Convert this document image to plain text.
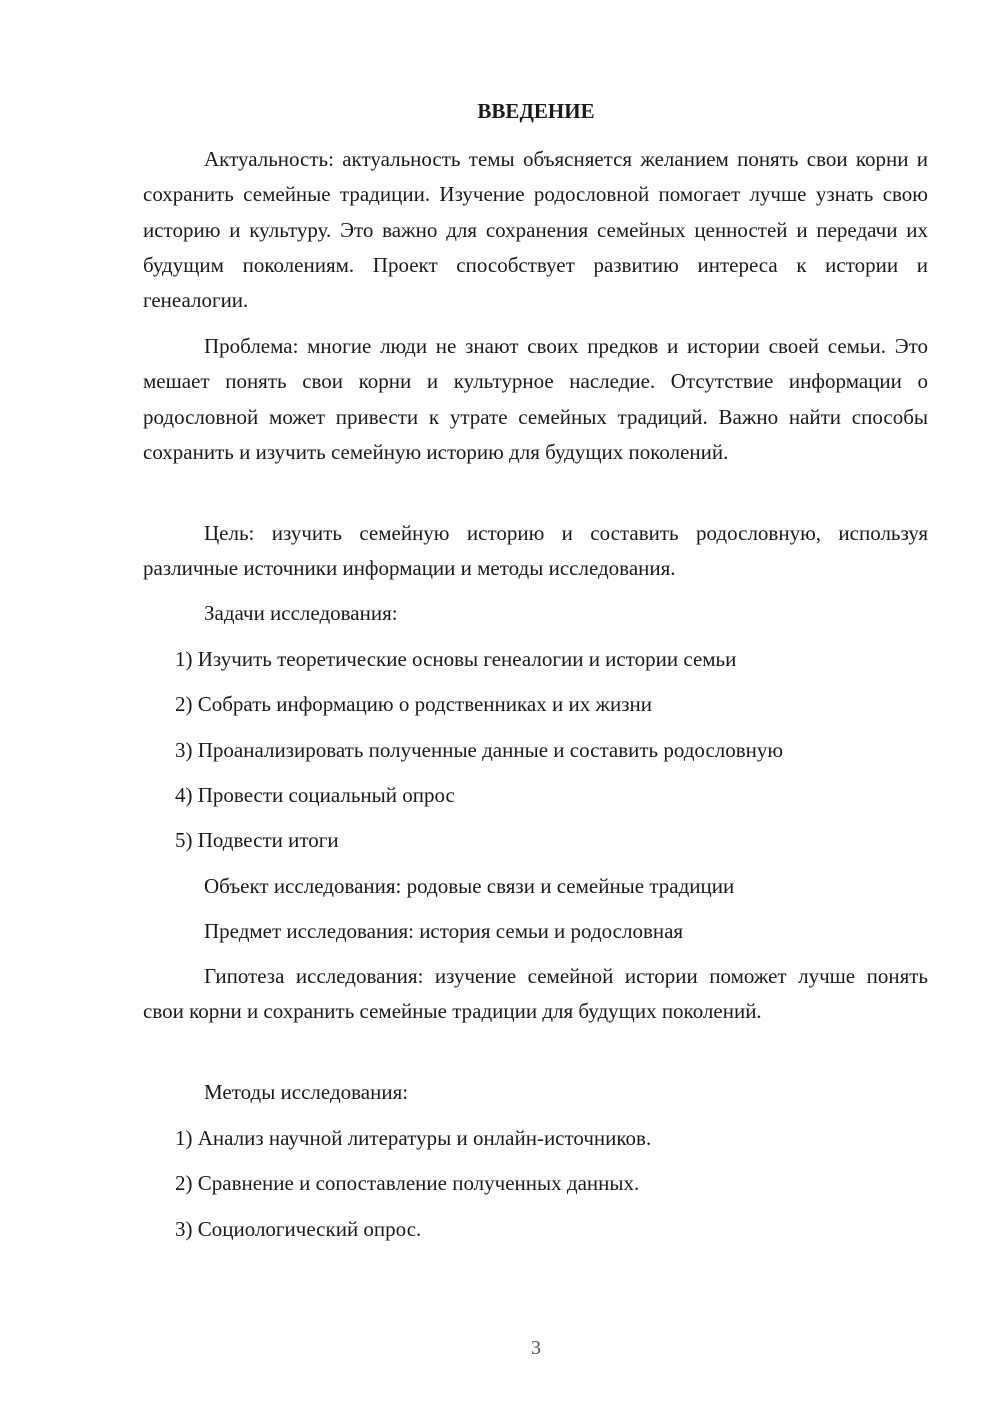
ВВЕДЕНИЕ

Актуальность: актуальность темы объясняется желанием понять свои корни и сохранить семейные традиции. Изучение родословной помогает лучше узнать свою историю и культуру. Это важно для сохранения семейных ценностей и передачи их будущим поколениям. Проект способствует развитию интереса к истории и генеалогии.

Проблема: многие люди не знают своих предков и истории своей семьи. Это мешает понять свои корни и культурное наследие. Отсутствие информации о родословной может привести к утрате семейных традиций. Важно найти способы сохранить и изучить семейную историю для будущих поколений.

Цель: изучить семейную историю и составить родословную, используя различные источники информации и методы исследования.

Задачи исследования:
1) Изучить теоретические основы генеалогии и истории семьи
2) Собрать информацию о родственниках и их жизни
3) Проанализировать полученные данные и составить родословную
4) Провести социальный опрос
5) Подвести итоги
Объект исследования: родовые связи и семейные традиции
Предмет исследования: история семьи и родословная

Гипотеза исследования: изучение семейной истории поможет лучше понять свои корни и сохранить семейные традиции для будущих поколений.

Методы исследования:
1) Анализ научной литературы и онлайн-источников.
2) Сравнение и сопоставление полученных данных.
3) Социологический опрос.
3
